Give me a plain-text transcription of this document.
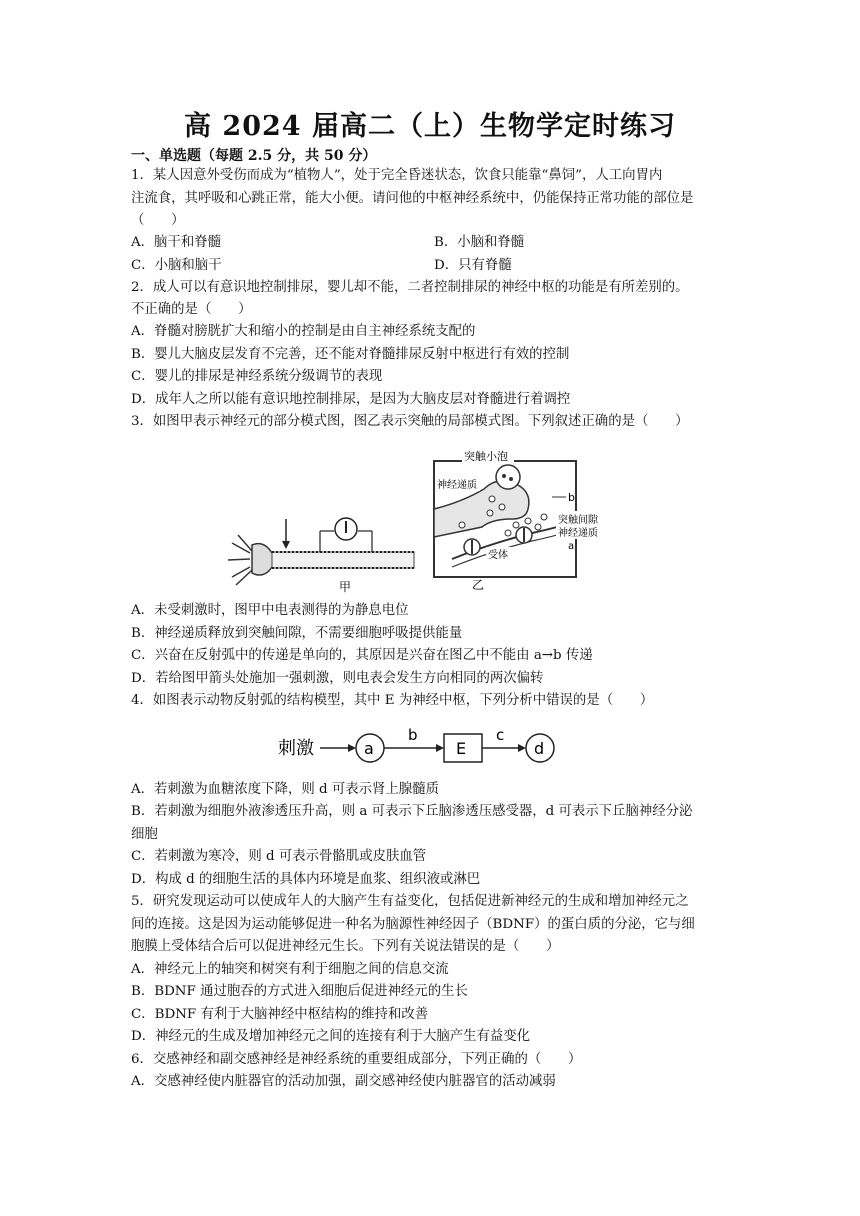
高 2024 届高二（上）生物学定时练习
一、单选题（每题 2.5 分，共 50 分）
1．某人因意外受伤而成为“植物人”，处于完全昏迷状态，饮食只能靠“鼻饲”，人工向胃内
注流食，其呼吸和心跳正常，能大小便。请问他的中枢神经系统中，仍能保持正常功能的部位是
（　　）
A．脑干和脊髓	B．小脑和脊髓
C．小脑和脑干	D．只有脊髓
2．成人可以有意识地控制排尿，婴儿却不能，二者控制排尿的神经中枢的功能是有所差别的。
不正确的是（　　）
A．脊髓对膀胱扩大和缩小的控制是由自主神经系统支配的
B．婴儿大脑皮层发育不完善，还不能对脊髓排尿反射中枢进行有效的控制
C．婴儿的排尿是神经系统分级调节的表现
D．成年人之所以能有意识地控制排尿，是因为大脑皮层对脊髓进行着调控
3．如图甲表示神经元的部分模式图，图乙表示突触的局部模式图。下列叙述正确的是（　　）
甲
突触小泡
神经递质
b
突触间隙
神经递质
a
受体
乙
A．未受刺激时，图甲中电表测得的为静息电位
B．神经递质释放到突触间隙，不需要细胞呼吸提供能量
C．兴奋在反射弧中的传递是单向的，其原因是兴奋在图乙中不能由 a→b 传递
D．若给图甲箭头处施加一强刺激，则电表会发生方向相同的两次偏转
4．如图表示动物反射弧的结构模型，其中 E 为神经中枢，下列分析中错误的是（　　）
刺激	a
b
E
c
d
A．若刺激为血糖浓度下降，则 d 可表示肾上腺髓质
B．若刺激为细胞外液渗透压升高，则 a 可表示下丘脑渗透压感受器，d 可表示下丘脑神经分泌
细胞
C．若刺激为寒冷，则 d 可表示骨骼肌或皮肤血管
D．构成 d 的细胞生活的具体内环境是血浆、组织液或淋巴
5．研究发现运动可以使成年人的大脑产生有益变化，包括促进新神经元的生成和增加神经元之
间的连接。这是因为运动能够促进一种名为脑源性神经因子（BDNF）的蛋白质的分泌，它与细
胞膜上受体结合后可以促进神经元生长。下列有关说法错误的是（　　）
A．神经元上的轴突和树突有利于细胞之间的信息交流
B．BDNF 通过胞吞的方式进入细胞后促进神经元的生长
C．BDNF 有利于大脑神经中枢结构的维持和改善
D．神经元的生成及增加神经元之间的连接有利于大脑产生有益变化
6．交感神经和副交感神经是神经系统的重要组成部分，下列正确的（　　）
A．交感神经使内脏器官的活动加强，副交感神经使内脏器官的活动减弱
